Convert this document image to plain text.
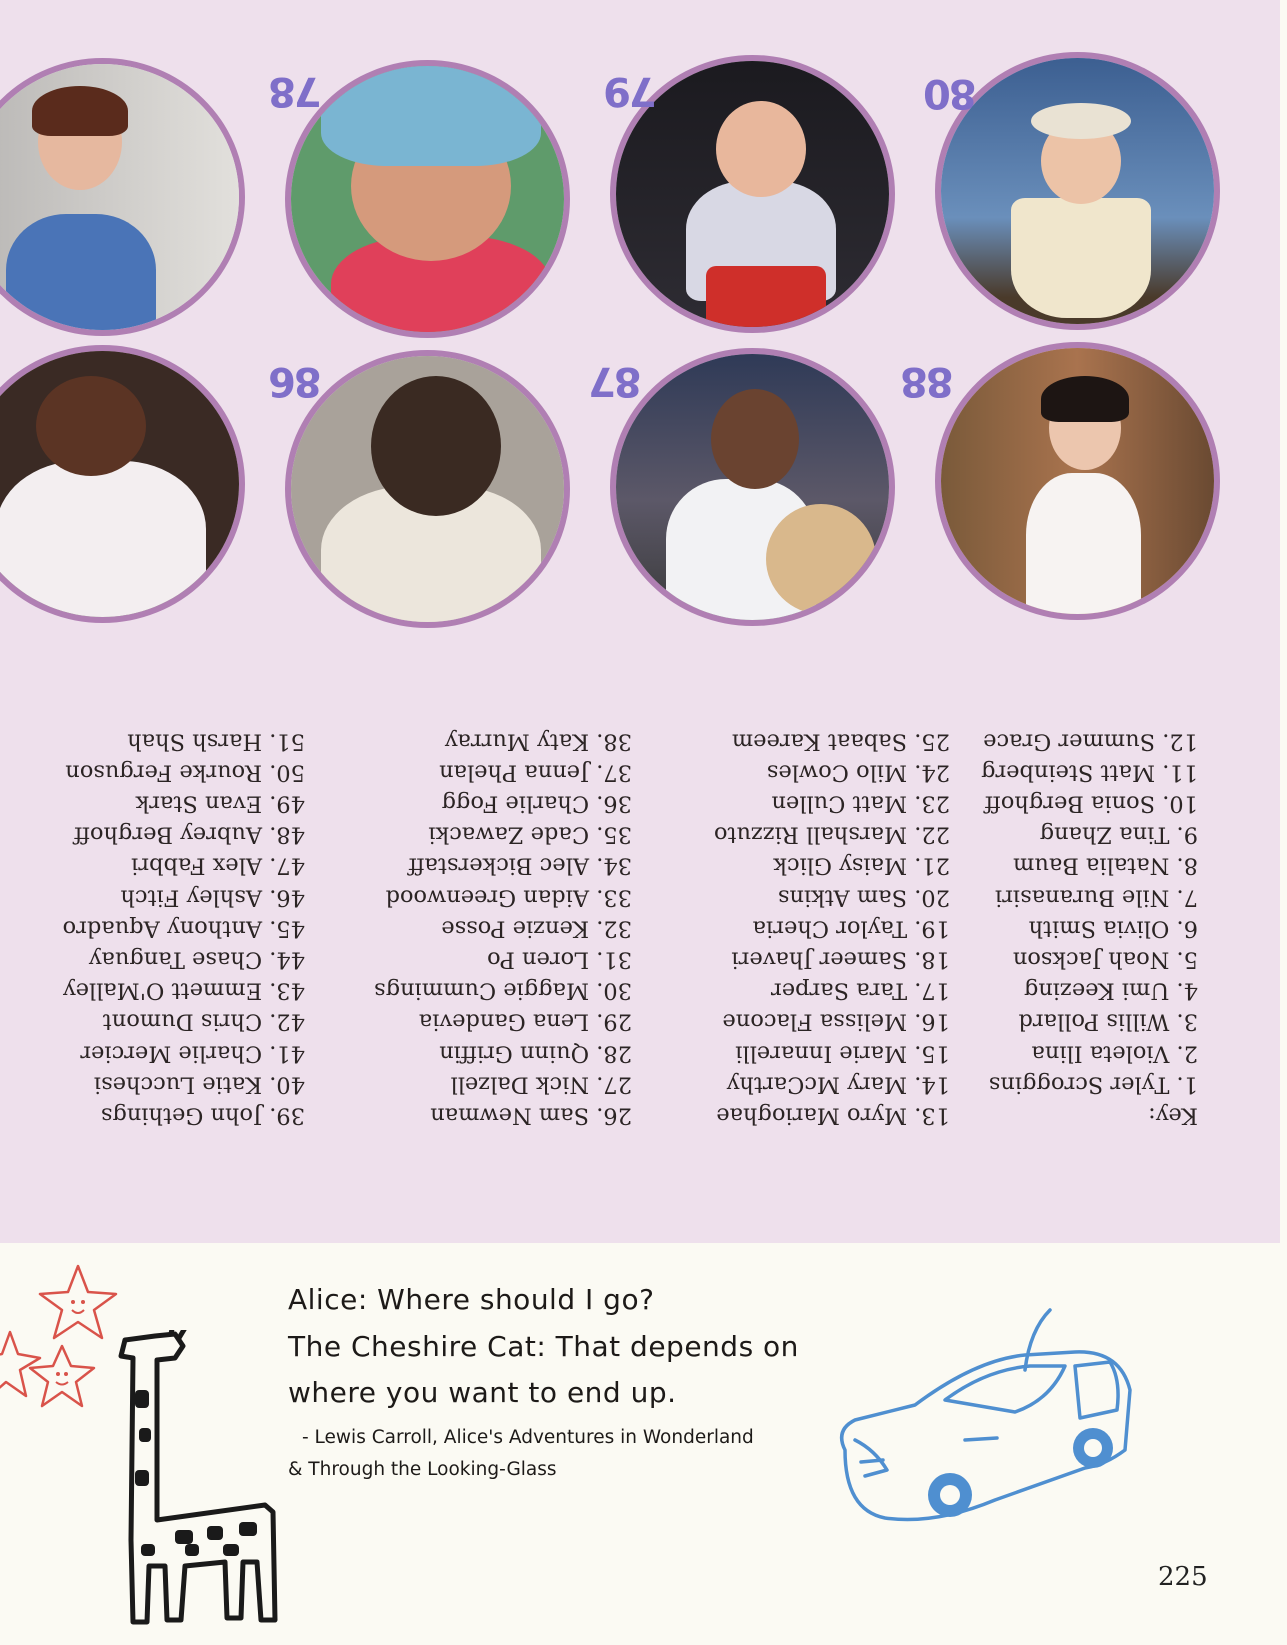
78	79	80
86	87	88
Key:
1. Tyler Scroggins
2. Violeta Ilina
3. Willis Pollard
4. Umi Keezing
5. Noah Jackson
6. Olivia Smith
7. Nile Buranasiri
8. Natalia Baum
9. Tina Zhang
10. Sonia Berghoff
11. Matt Steinberg
12. Summer Grace
13. Myro Marioghae
14. Mary McCarthy
15. Marie Innarelli
16. Melissa Flacone
17. Tara Sarper
18. Sameer Jhaveri
19. Taylor Cheria
20. Sam Atkins
21. Maisy Glick
22. Marshall Rizzuto
23. Matt Cullen
24. Milo Cowles
25. Sabaat Kareem
26. Sam Newman
27. Nick Dalzell
28. Quinn Griffin
29. Lena Gandevia
30. Maggie Cummings
31. Loren Po
32. Kenzie Posse
33. Aidan Greenwood
34. Alec Bickerstaff
35. Cade Zawacki
36. Charlie Fogg
37. Jenna Phelan
38. Katy Murray
39. John Gethings
40. Katie Lucchesi
41. Charlie Mercier
42. Chris Dumont
43. Emmett O'Malley
44. Chase Tanguay
45. Anthony Aquadro
46. Ashley Fitch
47. Alex Fabbri
48. Aubrey Berghoff
49. Evan Stark
50. Rourke Ferguson
51. Harsh Shah
Alice: Where should I go?
The Cheshire Cat: That depends on
where you want to end up.
- Lewis Carroll, Alice's Adventures in Wonderland
& Through the Looking-Glass
225
